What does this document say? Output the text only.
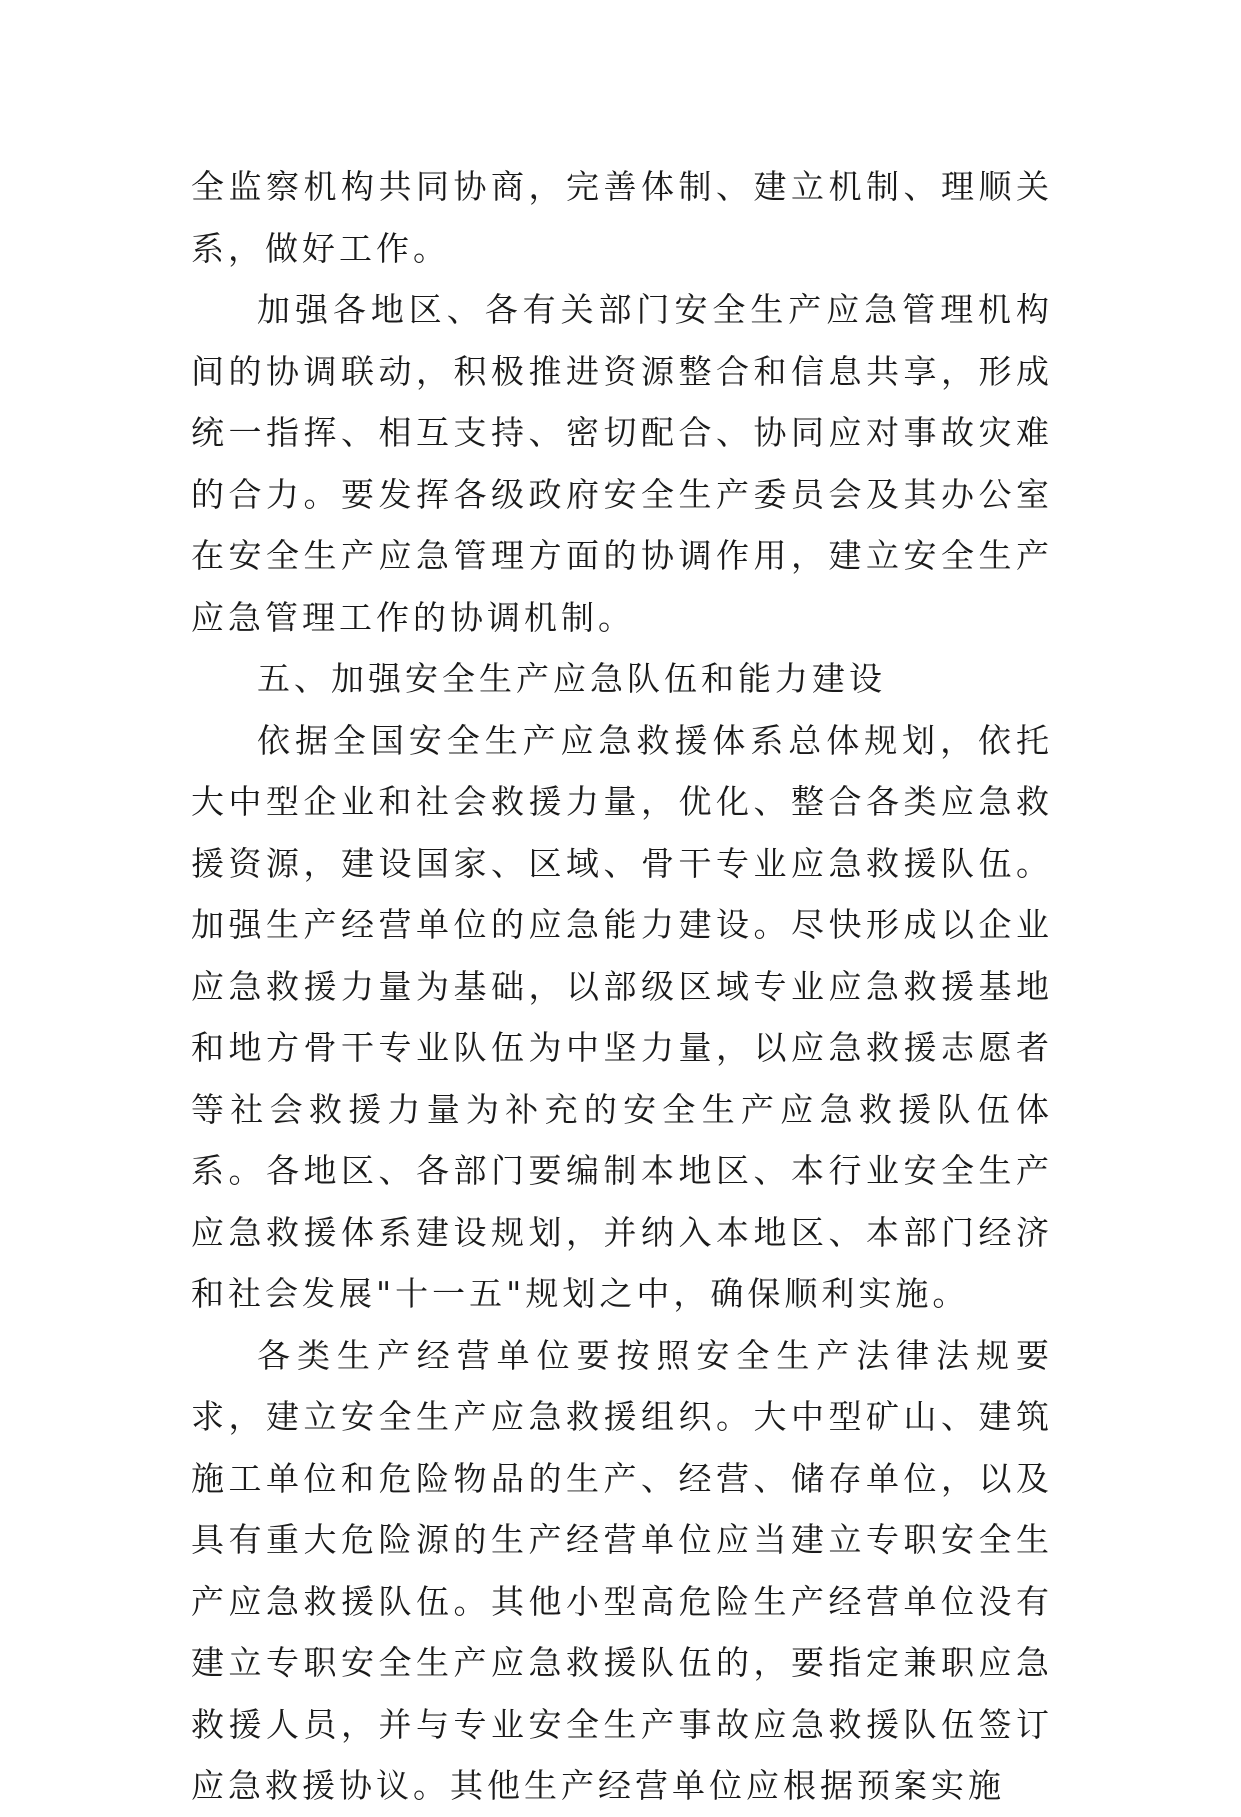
全监察机构共同协商，完善体制、建立机制、理顺关系，做好工作。

加强各地区、各有关部门安全生产应急管理机构间的协调联动，积极推进资源整合和信息共享，形成统一指挥、相互支持、密切配合、协同应对事故灾难的合力。要发挥各级政府安全生产委员会及其办公室在安全生产应急管理方面的协调作用，建立安全生产应急管理工作的协调机制。

五、加强安全生产应急队伍和能力建设

依据全国安全生产应急救援体系总体规划，依托大中型企业和社会救援力量，优化、整合各类应急救援资源，建设国家、区域、骨干专业应急救援队伍。加强生产经营单位的应急能力建设。尽快形成以企业应急救援力量为基础，以部级区域专业应急救援基地和地方骨干专业队伍为中坚力量，以应急救援志愿者等社会救援力量为补充的安全生产应急救援队伍体系。各地区、各部门要编制本地区、本行业安全生产应急救援体系建设规划，并纳入本地区、本部门经济和社会发展"十一五"规划之中，确保顺利实施。

各类生产经营单位要按照安全生产法律法规要求，建立安全生产应急救援组织。大中型矿山、建筑施工单位和危险物品的生产、经营、储存单位，以及具有重大危险源的生产经营单位应当建立专职安全生产应急救援队伍。其他小型高危险生产经营单位没有建立专职安全生产应急救援队伍的，要指定兼职应急救援人员，并与专业安全生产事故应急救援队伍签订应急救援协议。其他生产经营单位应根据预案实施
